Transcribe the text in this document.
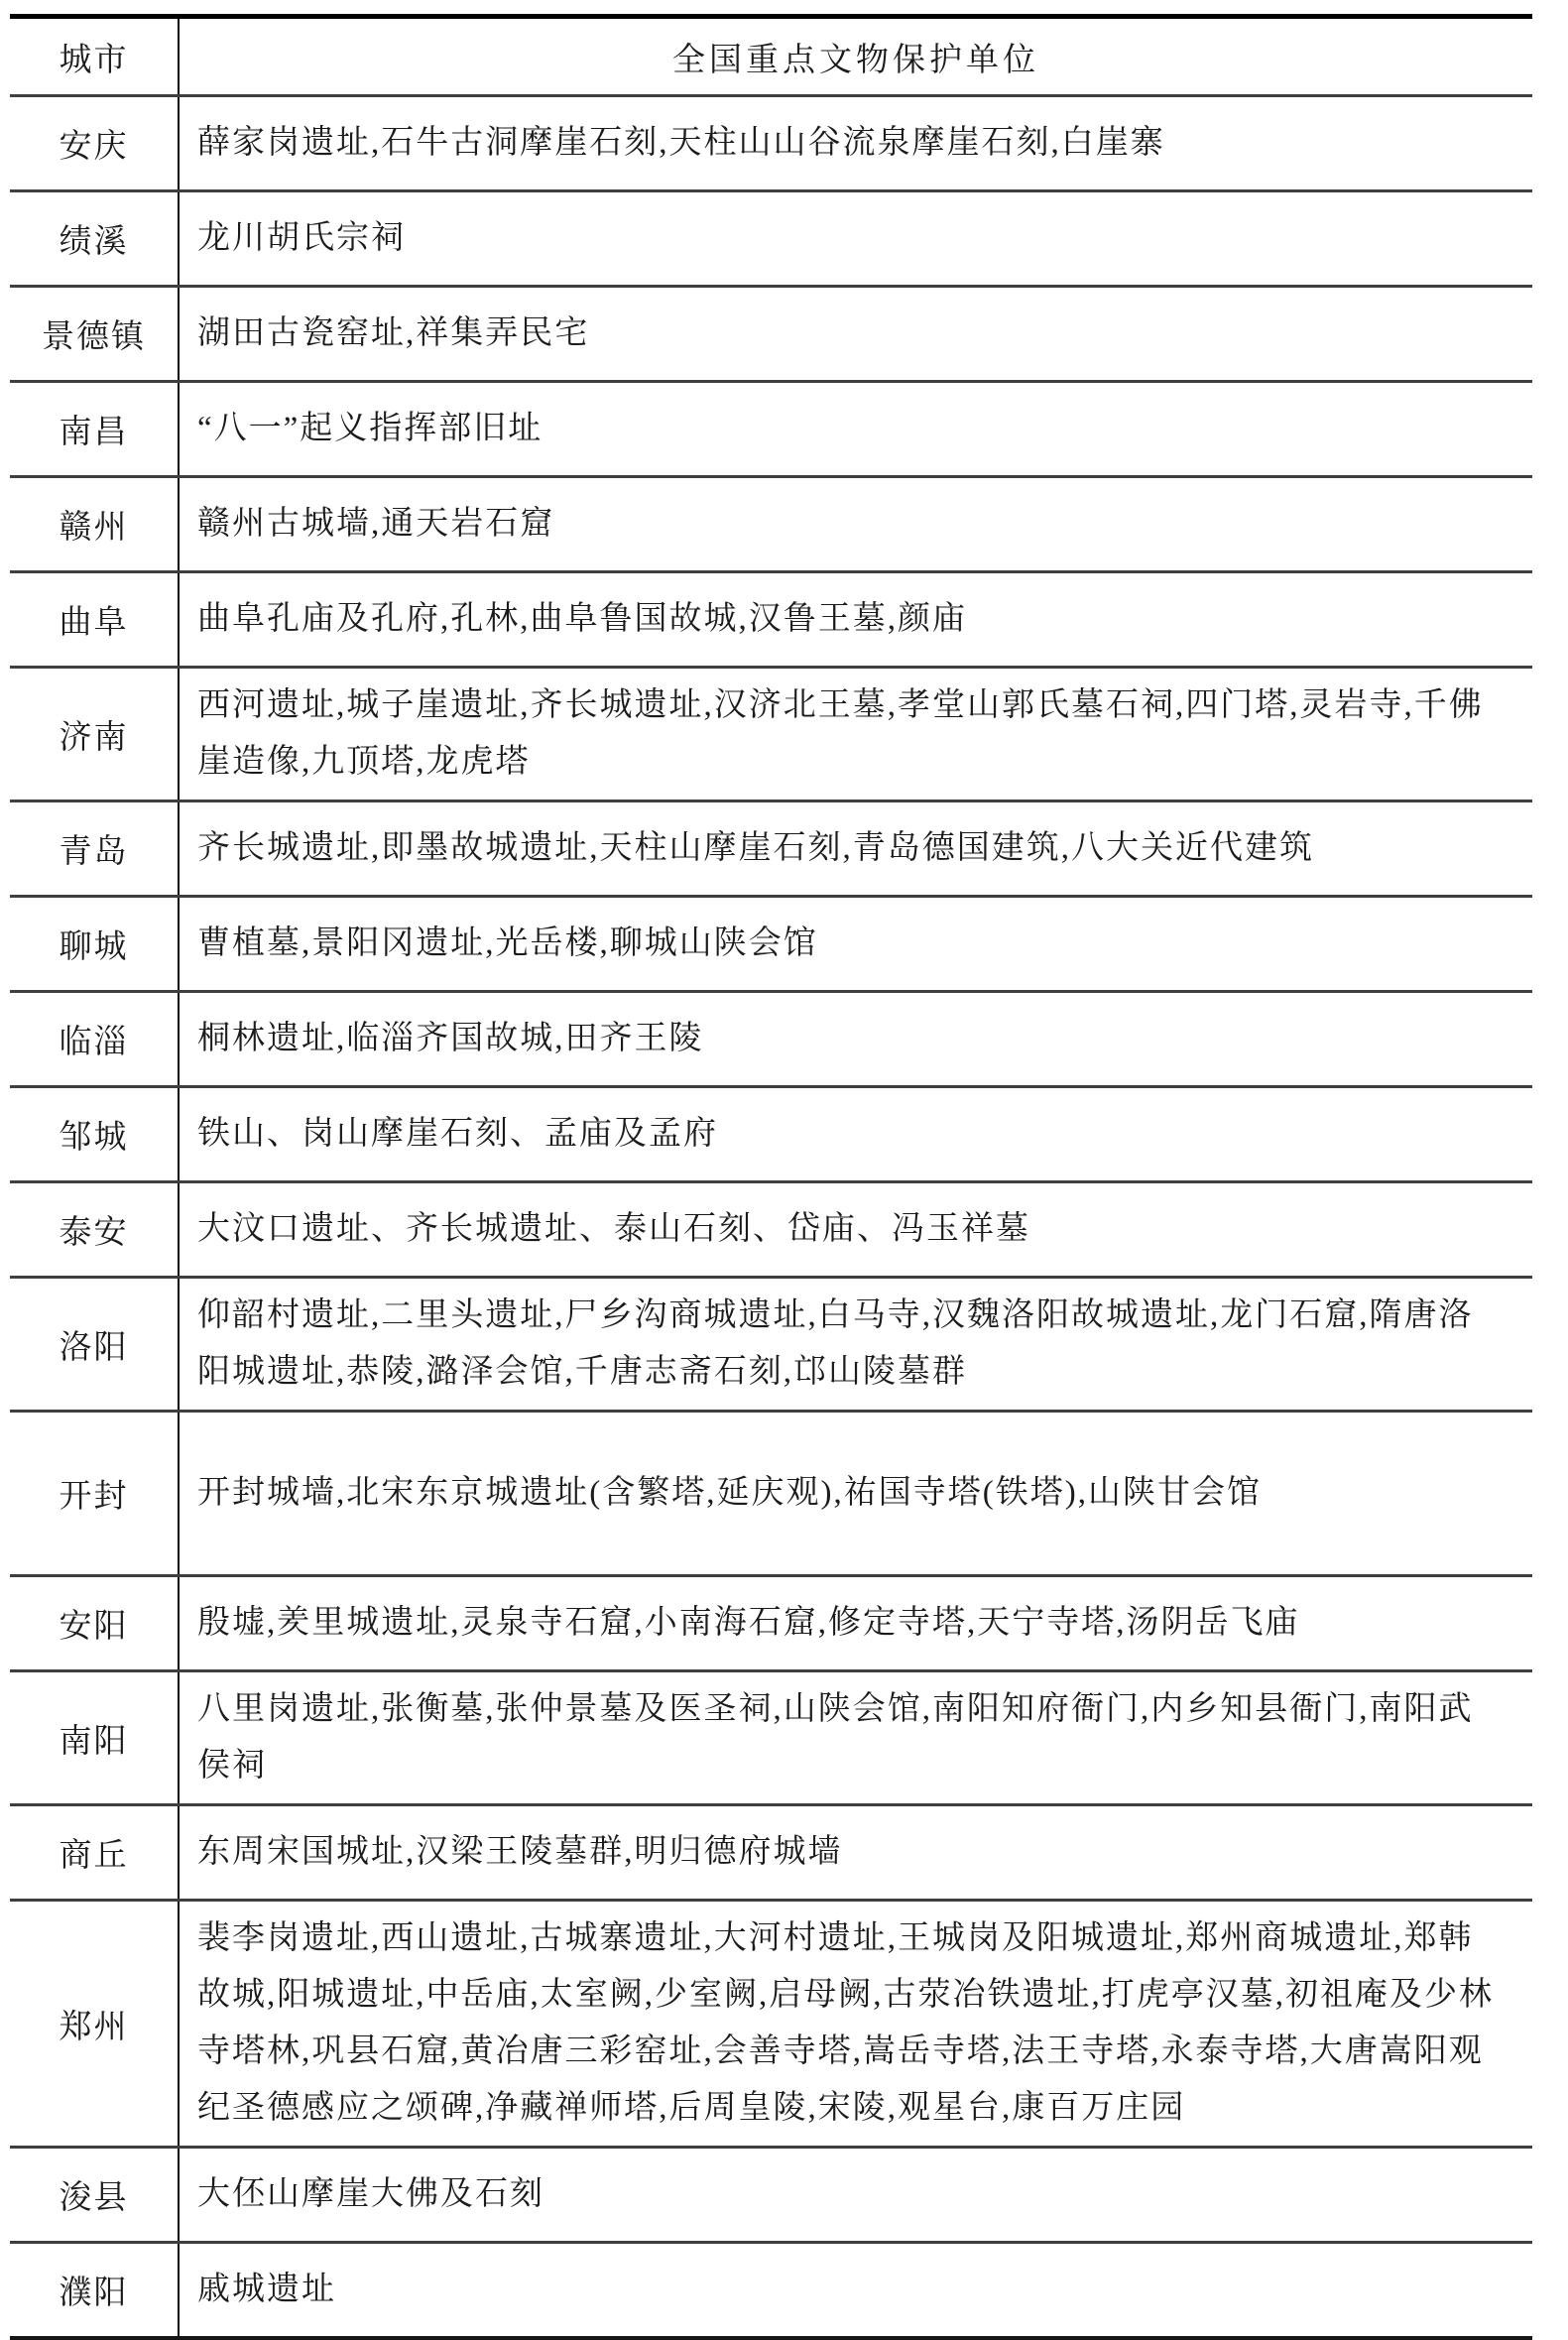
城市	全国重点文物保护单位
安庆	薛家岗遗址,石牛古洞摩崖石刻,天柱山山谷流泉摩崖石刻,白崖寨
绩溪	龙川胡氏宗祠
景德镇	湖田古瓷窑址,祥集弄民宅
南昌	“八一”起义指挥部旧址
赣州	赣州古城墙,通天岩石窟
曲阜	曲阜孔庙及孔府,孔林,曲阜鲁国故城,汉鲁王墓,颜庙
济南	西河遗址,城子崖遗址,齐长城遗址,汉济北王墓,孝堂山郭氏墓石祠,四门塔,灵岩寺,千佛崖造像,九顶塔,龙虎塔
青岛	齐长城遗址,即墨故城遗址,天柱山摩崖石刻,青岛德国建筑,八大关近代建筑
聊城	曹植墓,景阳冈遗址,光岳楼,聊城山陕会馆
临淄	桐林遗址,临淄齐国故城,田齐王陵
邹城	铁山、岗山摩崖石刻、孟庙及孟府
泰安	大汶口遗址、齐长城遗址、泰山石刻、岱庙、冯玉祥墓
洛阳	仰韶村遗址,二里头遗址,尸乡沟商城遗址,白马寺,汉魏洛阳故城遗址,龙门石窟,隋唐洛阳城遗址,恭陵,潞泽会馆,千唐志斋石刻,邙山陵墓群
开封	开封城墙,北宋东京城遗址(含繁塔,延庆观),祐国寺塔(铁塔),山陕甘会馆
安阳	殷墟,羑里城遗址,灵泉寺石窟,小南海石窟,修定寺塔,天宁寺塔,汤阴岳飞庙
南阳	八里岗遗址,张衡墓,张仲景墓及医圣祠,山陕会馆,南阳知府衙门,内乡知县衙门,南阳武侯祠
商丘	东周宋国城址,汉梁王陵墓群,明归德府城墙
郑州	裴李岗遗址,西山遗址,古城寨遗址,大河村遗址,王城岗及阳城遗址,郑州商城遗址,郑韩故城,阳城遗址,中岳庙,太室阙,少室阙,启母阙,古荥冶铁遗址,打虎亭汉墓,初祖庵及少林寺塔林,巩县石窟,黄冶唐三彩窑址,会善寺塔,嵩岳寺塔,法王寺塔,永泰寺塔,大唐嵩阳观纪圣德感应之颂碑,净藏禅师塔,后周皇陵,宋陵,观星台,康百万庄园
浚县	大伾山摩崖大佛及石刻
濮阳	戚城遗址
